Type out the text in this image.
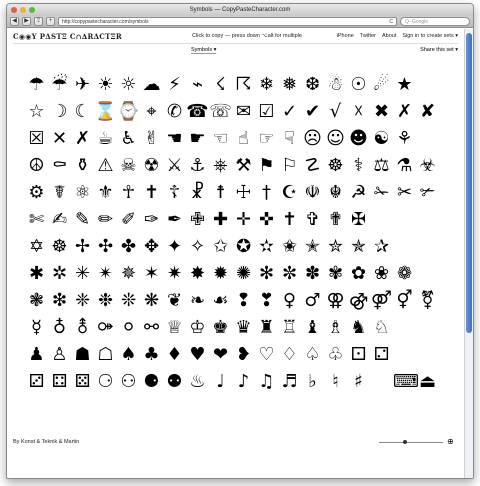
Symbols — CopyPasteCharacter.com
◀	▶	⇪	+	http://copypastecharacter.com/symbols	C	Q- Google
C◉◉Y PΔSTΞ C∩∆RΔCTΞR	Click to copy — press down ⌥alt for multiple	iPhone Twitter About Sign in to create sets ▾
Symbols ▾	Share this set ▾
☂ ☔ ✈ ☀ ☼ ☁ ⚡ ⌁ ☇ ☈ ❄ ❅ ❆ ☃ ☉ ☄ ★
☆ ☽ ☾ ⌛ ⌚ ⌖ ✆ ☎ ☏ ✉ ☑ ✓ ✔ √ ☓ ✖ ✗ ✘
☒ ✕ ✗ ☕ ♿ ✌ ☚ ☛ ☜ ☝ ☞ ☟ ☹ ☺ ☻ ☯ ⚘
☮ ⚰ ⚱ ⚠ ☠ ☢ ⚔ ⚓ ⎈ ⚒ ⚑ ⚐ ☡ ☸ ⚕ ⚖ ⚗ ☣
⚙ ☤ ⚛ ⚜ ☥ ✝ ☦ ☧ ☨ ☩ † ☪ ☫ ☬ ☭ ✁ ✂ ✃
✄ ✍ ✎ ✏ ✐ ✑ ✒ ✙ ✚ ✛ ✜ ✝ ✞ ✟ ✠
✡ ☸ ✢ ✣ ✤ ✥ ✦ ✧ ✩ ✪ ✫ ✬ ✭ ✮ ✯ ✰
✱ ✲ ✳ ✴ ✵ ✶ ✷ ✸ ✹ ✺ ✻ ✼ ✽ ✾ ✿ ❀ ❁
❃ ❇ ❈ ❉ ❊ ❋ ❦ ❧ ☙ ❢ ❣ ♀ ♂ ⚢ ⚣ ⚤ ⚥ ⚧
☿ ♁ ⚨ ⚩ ⚪ ⚯ ♕ ♔ ♚ ♛ ♜ ♖ ♝ ♗ ♞ ♘
♟ ♙ ☗ ☖ ♠ ♣ ♦ ♥ ❤ ❥ ♡ ♢ ♤ ♧ ⚀ ⚁
⚂ ⚃ ⚄ ⚆ ⚇ ⚈ ⚉ ♨ ♩ ♪ ♫ ♬ ♭ ♮ ♯	⌨ ⏏
By Konst & Teknik & Martin	⊕
